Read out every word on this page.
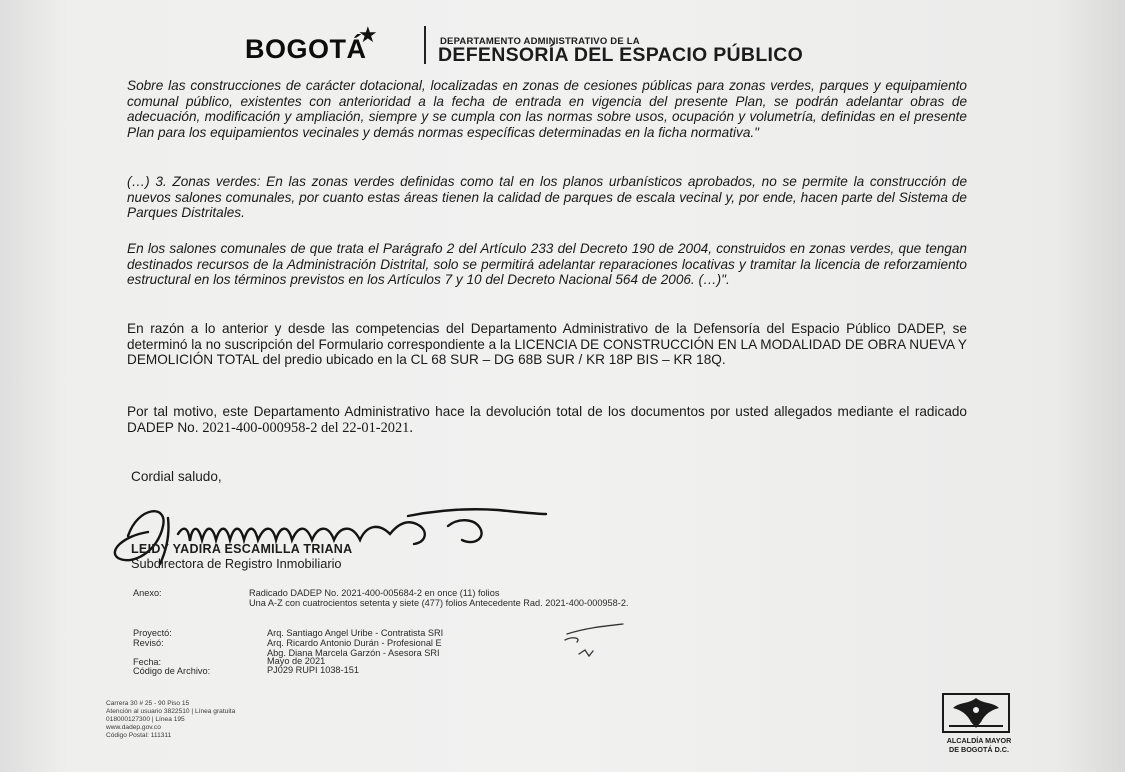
BOGOTÁ
★	DEPARTAMENTO ADMINISTRATIVO DE LA
DEFENSORÍA DEL ESPACIO PÚBLICO
Sobre las construcciones de carácter dotacional, localizadas en zonas de cesiones públicas para zonas verdes, parques y equipamiento comunal público, existentes con anterioridad a la fecha de entrada en vigencia del presente Plan, se podrán adelantar obras de adecuación, modificación y ampliación, siempre y se cumpla con las normas sobre usos, ocupación y volumetría, definidas en el presente Plan para los equipamientos vecinales y demás normas específicas determinadas en la ficha normativa."
(…) 3. Zonas verdes: En las zonas verdes definidas como tal en los planos urbanísticos aprobados, no se permite la construcción de nuevos salones comunales, por cuanto estas áreas tienen la calidad de parques de escala vecinal y, por ende, hacen parte del Sistema de Parques Distritales.
En los salones comunales de que trata el Parágrafo 2 del Artículo 233 del Decreto 190 de 2004, construidos en zonas verdes, que tengan destinados recursos de la Administración Distrital, solo se permitirá adelantar reparaciones locativas y tramitar la licencia de reforzamiento estructural en los términos previstos en los Artículos 7 y 10 del Decreto Nacional 564 de 2006. (…)".
En razón a lo anterior y desde las competencias del Departamento Administrativo de la Defensoría del Espacio Público DADEP, se determinó la no suscripción del Formulario correspondiente a la LICENCIA DE CONSTRUCCIÓN EN LA MODALIDAD DE OBRA NUEVA Y DEMOLICIÓN TOTAL del predio ubicado en la CL 68 SUR – DG 68B SUR / KR 18P BIS – KR 18Q.
Por tal motivo, este Departamento Administrativo hace la devolución total de los documentos por usted allegados mediante el radicado DADEP No. 2021-400-000958-2 del 22-01-2021.
Cordial saludo,
LEIDY YADIRA ESCAMILLA TRIANA
Subdirectora de Registro Inmobiliario
Anexo:	Radicado DADEP No. 2021-400-005684-2 en once (11) folios
Una A-Z con cuatrocientos setenta y siete (477) folios Antecedente Rad. 2021-400-000958-2.
Proyectó:	Arq. Santiago Angel Uribe - Contratista SRI
Revisó:	Arq. Ricardo Antonio Durán - Profesional E
Abg. Diana Marcela Garzón - Asesora SRI
Fecha:	Mayo de 2021
Código de Archivo:	PJ029 RUPI 1038-151
Carrera 30 # 25 - 90 Piso 15
Atención al usuario 3822510 | Línea gratuita
018000127300 | Línea 195
www.dadep.gov.co
Código Postal: 111311
ALCALDÍA MAYOR
DE BOGOTÁ D.C.
